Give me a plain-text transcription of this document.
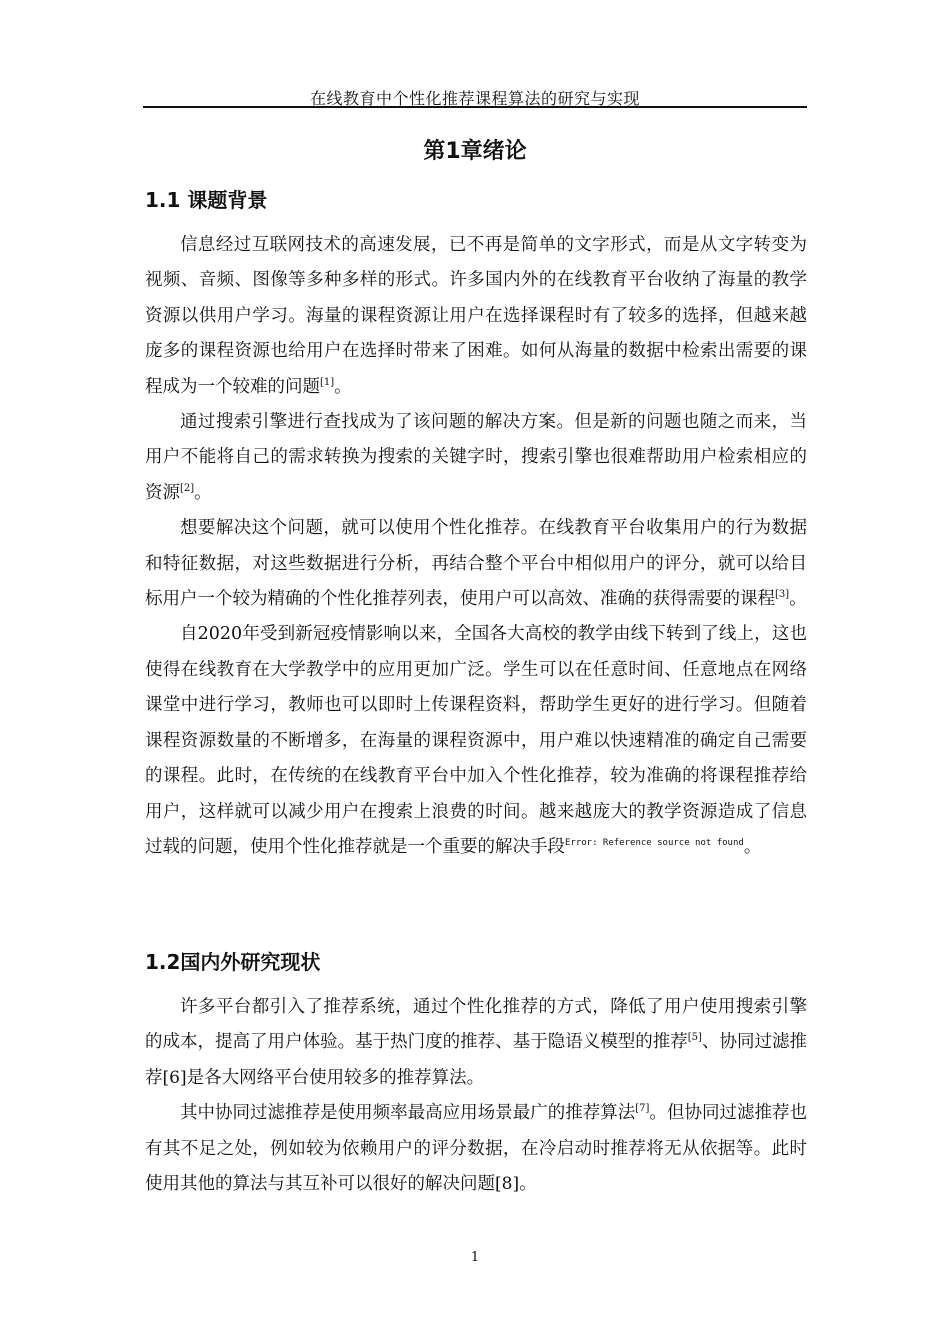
在线教育中个性化推荐课程算法的研究与实现
第1章绪论
1.1 课题背景

信息经过互联网技术的高速发展，已不再是简单的文字形式，而是从文字转变为视频、音频、图像等多种多样的形式。许多国内外的在线教育平台收纳了海量的教学资源以供用户学习。海量的课程资源让用户在选择课程时有了较多的选择，但越来越庞多的课程资源也给用户在选择时带来了困难。如何从海量的数据中检索出需要的课程成为一个较难的问题[1]。

通过搜索引擎进行查找成为了该问题的解决方案。但是新的问题也随之而来，当用户不能将自己的需求转换为搜索的关键字时，搜索引擎也很难帮助用户检索相应的资源[2]。

想要解决这个问题，就可以使用个性化推荐。在线教育平台收集用户的行为数据和特征数据，对这些数据进行分析，再结合整个平台中相似用户的评分，就可以给目标用户一个较为精确的个性化推荐列表，使用户可以高效、准确的获得需要的课程[3]。

自2020年受到新冠疫情影响以来，全国各大高校的教学由线下转到了线上，这也使得在线教育在大学教学中的应用更加广泛。学生可以在任意时间、任意地点在网络课堂中进行学习，教师也可以即时上传课程资料，帮助学生更好的进行学习。但随着课程资源数量的不断增多，在海量的课程资源中，用户难以快速精准的确定自己需要的课程。此时，在传统的在线教育平台中加入个性化推荐，较为准确的将课程推荐给用户，这样就可以减少用户在搜索上浪费的时间。越来越庞大的教学资源造成了信息过载的问题，使用个性化推荐就是一个重要的解决手段$^{Error: Reference source not found}$。

1.2国内外研究现状

许多平台都引入了推荐系统，通过个性化推荐的方式，降低了用户使用搜索引擎的成本，提高了用户体验。基于热门度的推荐、基于隐语义模型的推荐[5]、协同过滤推荐[6]是各大网络平台使用较多的推荐算法。

其中协同过滤推荐是使用频率最高应用场景最广的推荐算法[7]。但协同过滤推荐也有其不足之处，例如较为依赖用户的评分数据，在冷启动时推荐将无从依据等。此时使用其他的算法与其互补可以很好的解决问题[8]。

1
